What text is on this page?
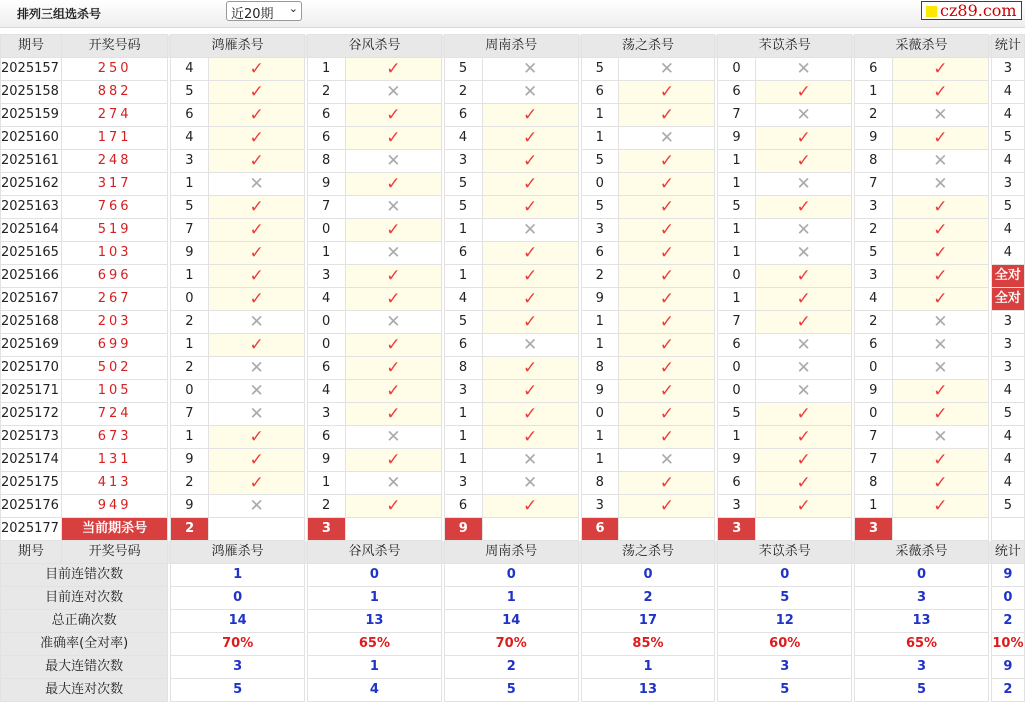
排列三组选杀号	近20期 ⌄	cz89.com
期号	开奖号码		鸿雁杀号			谷风杀号			周南杀号			荡之杀号			芣苡杀号			采薇杀号			统计
2025157	250		4	✓		1	✓		5	✕		5	✕		0	✕		6	✓		3
2025158	882		5	✓		2	✕		2	✕		6	✓		6	✓		1	✓		4
2025159	274		6	✓		6	✓		6	✓		1	✓		7	✕		2	✕		4
2025160	171		4	✓		6	✓		4	✓		1	✕		9	✓		9	✓		5
2025161	248		3	✓		8	✕		3	✓		5	✓		1	✓		8	✕		4
2025162	317		1	✕		9	✓		5	✓		0	✓		1	✕		7	✕		3
2025163	766		5	✓		7	✕		5	✓		5	✓		5	✓		3	✓		5
2025164	519		7	✓		0	✓		1	✕		3	✓		1	✕		2	✓		4
2025165	103		9	✓		1	✕		6	✓		6	✓		1	✕		5	✓		4
2025166	696		1	✓		3	✓		1	✓		2	✓		0	✓		3	✓		全对
2025167	267		0	✓		4	✓		4	✓		9	✓		1	✓		4	✓		全对
2025168	203		2	✕		0	✕		5	✓		1	✓		7	✓		2	✕		3
2025169	699		1	✓		0	✓		6	✕		1	✓		6	✕		6	✕		3
2025170	502		2	✕		6	✓		8	✓		8	✓		0	✕		0	✕		3
2025171	105		0	✕		4	✓		3	✓		9	✓		0	✕		9	✓		4
2025172	724		7	✕		3	✓		1	✓		0	✓		5	✓		0	✓		5
2025173	673		1	✓		6	✕		1	✓		1	✓		1	✓		7	✕		4
2025174	131		9	✓		9	✓		1	✕		1	✕		9	✓		7	✓		4
2025175	413		2	✓		1	✕		3	✕		8	✓		6	✓		8	✓		4
2025176	949		9	✕		2	✓		6	✓		3	✓		3	✓		1	✓		5
2025177	当前期杀号		2			3			9			6			3			3			
期号	开奖号码		鸿雁杀号			谷风杀号			周南杀号			荡之杀号			芣苡杀号			采薇杀号			统计
目前连错次数			1			0			0			0			0			0			9
目前连对次数			0			1			1			2			5			3			0
总正确次数			14			13			14			17			12			13			2
准确率(全对率)			70%			65%			70%			85%			60%			65%			10%
最大连错次数			3			1			2			1			3			3			9
最大连对次数			5			4			5			13			5			5			2
